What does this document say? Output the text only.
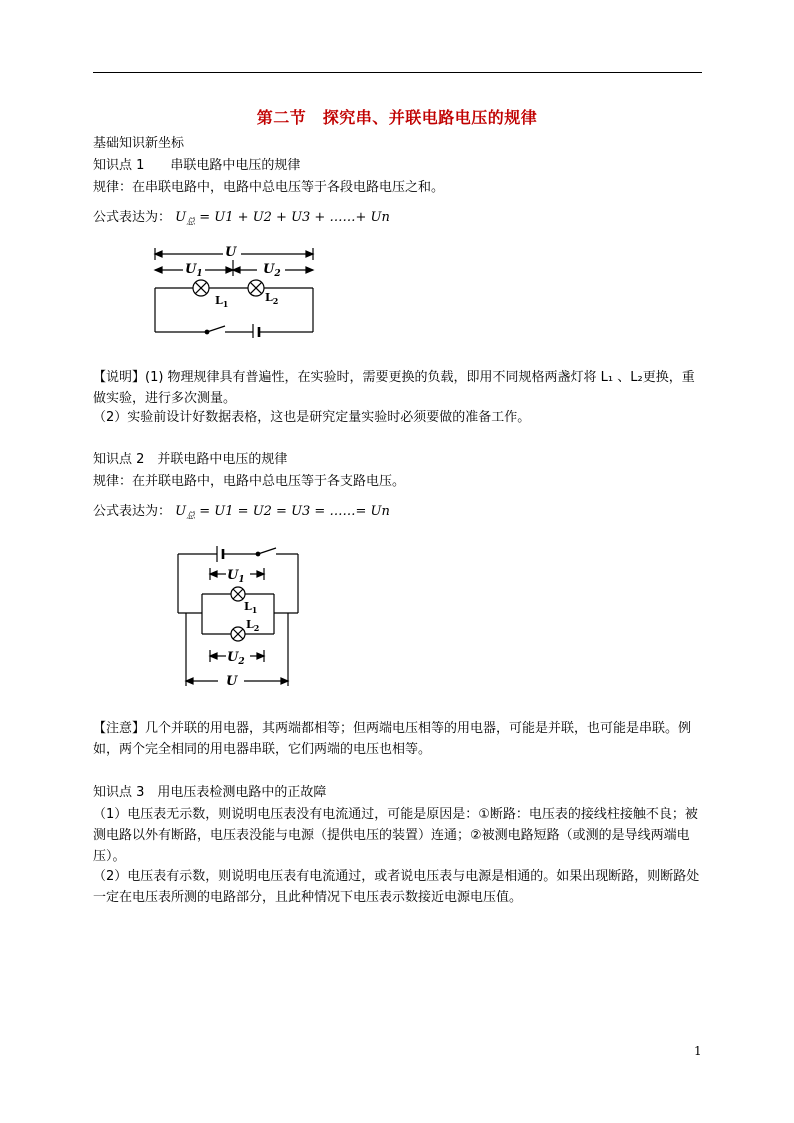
第二节　探究串、并联电路电压的规律
基础知识新坐标
知识点 1　　串联电路中电压的规律
规律：在串联电路中，电路中总电压等于各段电路电压之和。
公式表达为： $U_总 = U1 + U2 + U3$ + ……+ Un
U
$U_1$	$U_2$
$L_1$	$L_2$
【说明】(1) 物理规律具有普遍性，在实验时，需要更换的负载，即用不同规格两盏灯将 L₁ 、L₂更换，重做实验，进行多次测量。
（2）实验前设计好数据表格，这也是研究定量实验时必须要做的准备工作。
知识点 2　并联电路中电压的规律
规律：在并联电路中，电路中总电压等于各支路电压。
公式表达为： $U_总 = U1 = U2 = U3$ = ……= Un
$U_1$
$L_1$
$L_2$
$U_2$
U
【注意】几个并联的用电器，其两端都相等；但两端电压相等的用电器，可能是并联，也可能是串联。例如，两个完全相同的用电器串联，它们两端的电压也相等。
知识点 3　用电压表检测电路中的正故障
（1）电压表无示数，则说明电压表没有电流通过，可能是原因是：①断路：电压表的接线柱接触不良；被测电路以外有断路，电压表没能与电源（提供电压的装置）连通；②被测电路短路（或测的是导线两端电压）。
（2）电压表有示数，则说明电压表有电流通过，或者说电压表与电源是相通的。如果出现断路，则断路处一定在电压表所测的电路部分，且此种情况下电压表示数接近电源电压值。
1
